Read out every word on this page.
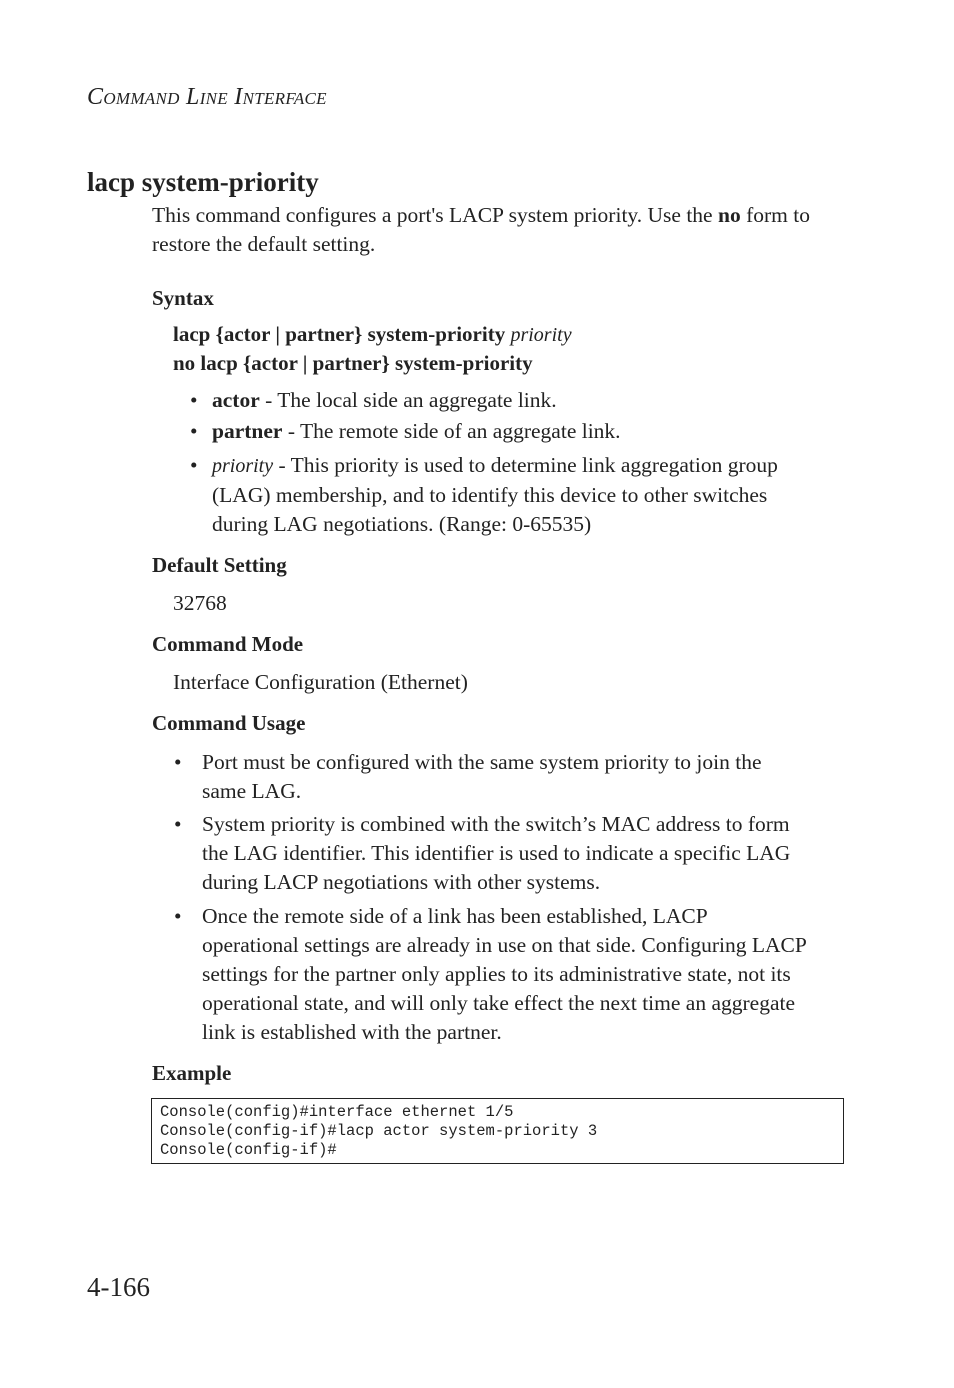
COMMAND LINE INTERFACE
lacp system-priority
This command configures a port's LACP system priority. Use the no form to restore the default setting.
Syntax
lacp {actor | partner} system-priority priority
no lacp {actor | partner} system-priority
• actor - The local side an aggregate link.
• partner - The remote side of an aggregate link.
• priority - This priority is used to determine link aggregation group
(LAG) membership, and to identify this device to other switches
during LAG negotiations. (Range: 0-65535)
Default Setting
32768
Command Mode
Interface Configuration (Ethernet)
Command Usage
• Port must be configured with the same system priority to join the
same LAG.
• System priority is combined with the switch’s MAC address to form
the LAG identifier. This identifier is used to indicate a specific LAG
during LACP negotiations with other systems.
• Once the remote side of a link has been established, LACP
operational settings are already in use on that side. Configuring LACP
settings for the partner only applies to its administrative state, not its
operational state, and will only take effect the next time an aggregate
link is established with the partner.
Example
Console(config)#interface ethernet 1/5
Console(config-if)#lacp actor system-priority 3
Console(config-if)#
4-166
